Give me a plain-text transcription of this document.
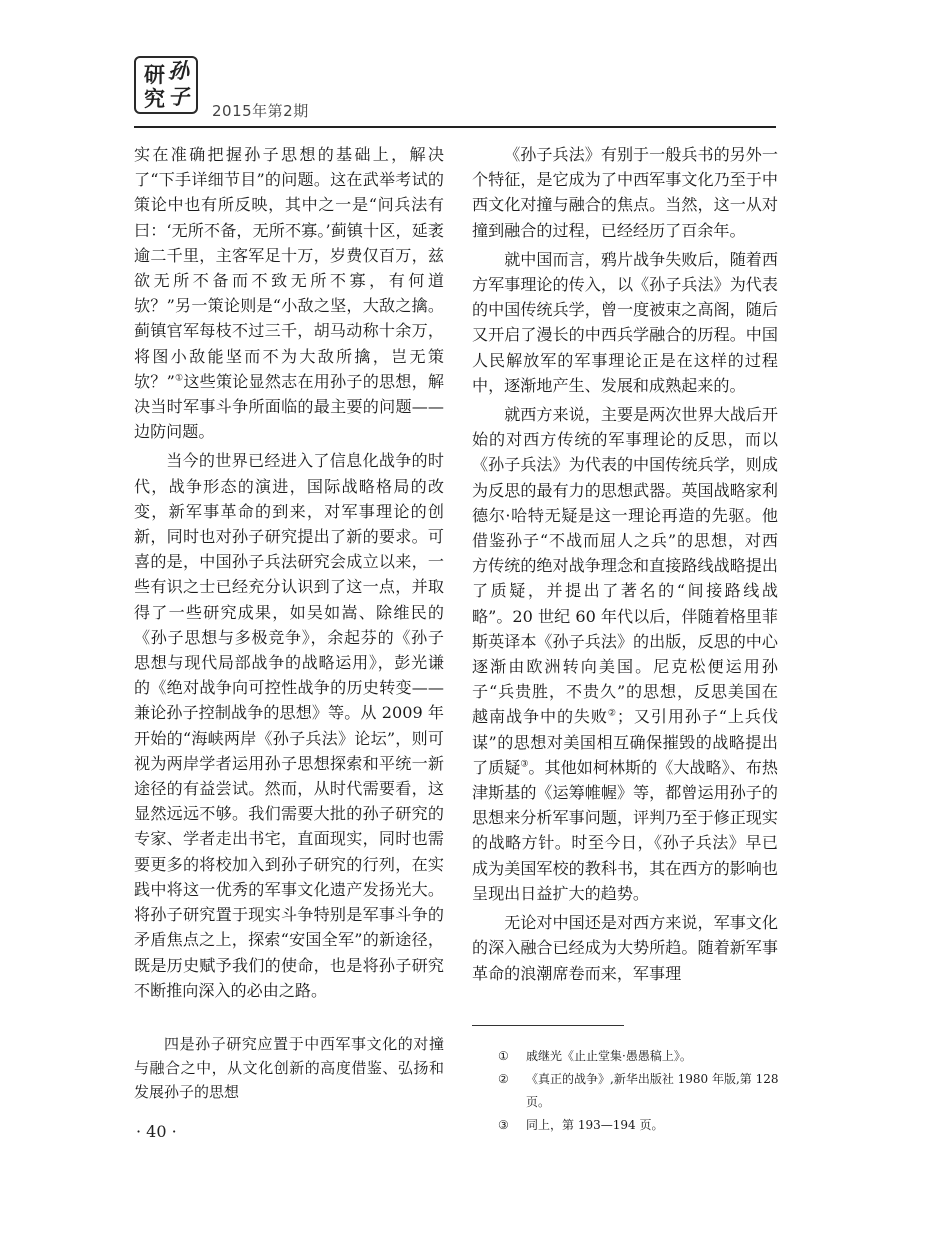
研 孙
究 子
2015年第2期

实在准确把握孙子思想的基础上，解决了“下手详细节目”的问题。这在武举考试的策论中也有所反映，其中之一是“问兵法有曰：‘无所不备，无所不寡。’蓟镇十区，延袤逾二千里，主客军足十万，岁费仅百万，兹欲无所不备而不致无所不寡，有何道欤？”另一策论则是“小敌之坚，大敌之擒。蓟镇官军每枝不过三千，胡马动称十余万，将图小敌能坚而不为大敌所擒，岂无策欤？”①这些策论显然志在用孙子的思想，解决当时军事斗争所面临的最主要的问题——边防问题。

当今的世界已经进入了信息化战争的时代，战争形态的演进，国际战略格局的改变，新军事革命的到来，对军事理论的创新，同时也对孙子研究提出了新的要求。可喜的是，中国孙子兵法研究会成立以来，一些有识之士已经充分认识到了这一点，并取得了一些研究成果，如吴如嵩、除维民的《孙子思想与多极竞争》，余起芬的《孙子思想与现代局部战争的战略运用》，彭光谦的《绝对战争向可控性战争的历史转变——兼论孙子控制战争的思想》等。从 2009 年开始的“海峡两岸《孙子兵法》论坛”，则可视为两岸学者运用孙子思想探索和平统一新途径的有益尝试。然而，从时代需要看，这显然远远不够。我们需要大批的孙子研究的专家、学者走出书宅，直面现实，同时也需要更多的将校加入到孙子研究的行列，在实践中将这一优秀的军事文化遗产发扬光大。将孙子研究置于现实斗争特别是军事斗争的矛盾焦点之上，探索“安国全军”的新途径，既是历史赋予我们的使命，也是将孙子研究不断推向深入的必由之路。

四是孙子研究应置于中西军事文化的对撞与融合之中，从文化创新的高度借鉴、弘扬和发展孙子的思想

《孙子兵法》有别于一般兵书的另外一个特征，是它成为了中西军事文化乃至于中西文化对撞与融合的焦点。当然，这一从对撞到融合的过程，已经经历了百余年。

就中国而言，鸦片战争失败后，随着西方军事理论的传入，以《孙子兵法》为代表的中国传统兵学，曾一度被束之高阁，随后又开启了漫长的中西兵学融合的历程。中国人民解放军的军事理论正是在这样的过程中，逐渐地产生、发展和成熟起来的。

就西方来说，主要是两次世界大战后开始的对西方传统的军事理论的反思，而以《孙子兵法》为代表的中国传统兵学，则成为反思的最有力的思想武器。英国战略家利德尔·哈特无疑是这一理论再造的先驱。他借鉴孙子“不战而屈人之兵”的思想，对西方传统的绝对战争理念和直接路线战略提出了质疑，并提出了著名的“间接路线战略”。20 世纪 60 年代以后，伴随着格里菲斯英译本《孙子兵法》的出版，反思的中心逐渐由欧洲转向美国。尼克松便运用孙子“兵贵胜，不贵久”的思想，反思美国在越南战争中的失败②；又引用孙子“上兵伐谋”的思想对美国相互确保摧毁的战略提出了质疑③。其他如柯林斯的《大战略》、布热津斯基的《运筹帷幄》等，都曾运用孙子的思想来分析军事问题，评判乃至于修正现实的战略方针。时至今日，《孙子兵法》早已成为美国军校的教科书，其在西方的影响也呈现出日益扩大的趋势。

无论对中国还是对西方来说，军事文化的深入融合已经成为大势所趋。随着新军事革命的浪潮席卷而来，军事理

①	戚继光《止止堂集·愚愚稿上》。
②	《真正的战争》,新华出版社 1980 年版,第 128 页。
③	同上，第 193—194 页。
· 40 ·
